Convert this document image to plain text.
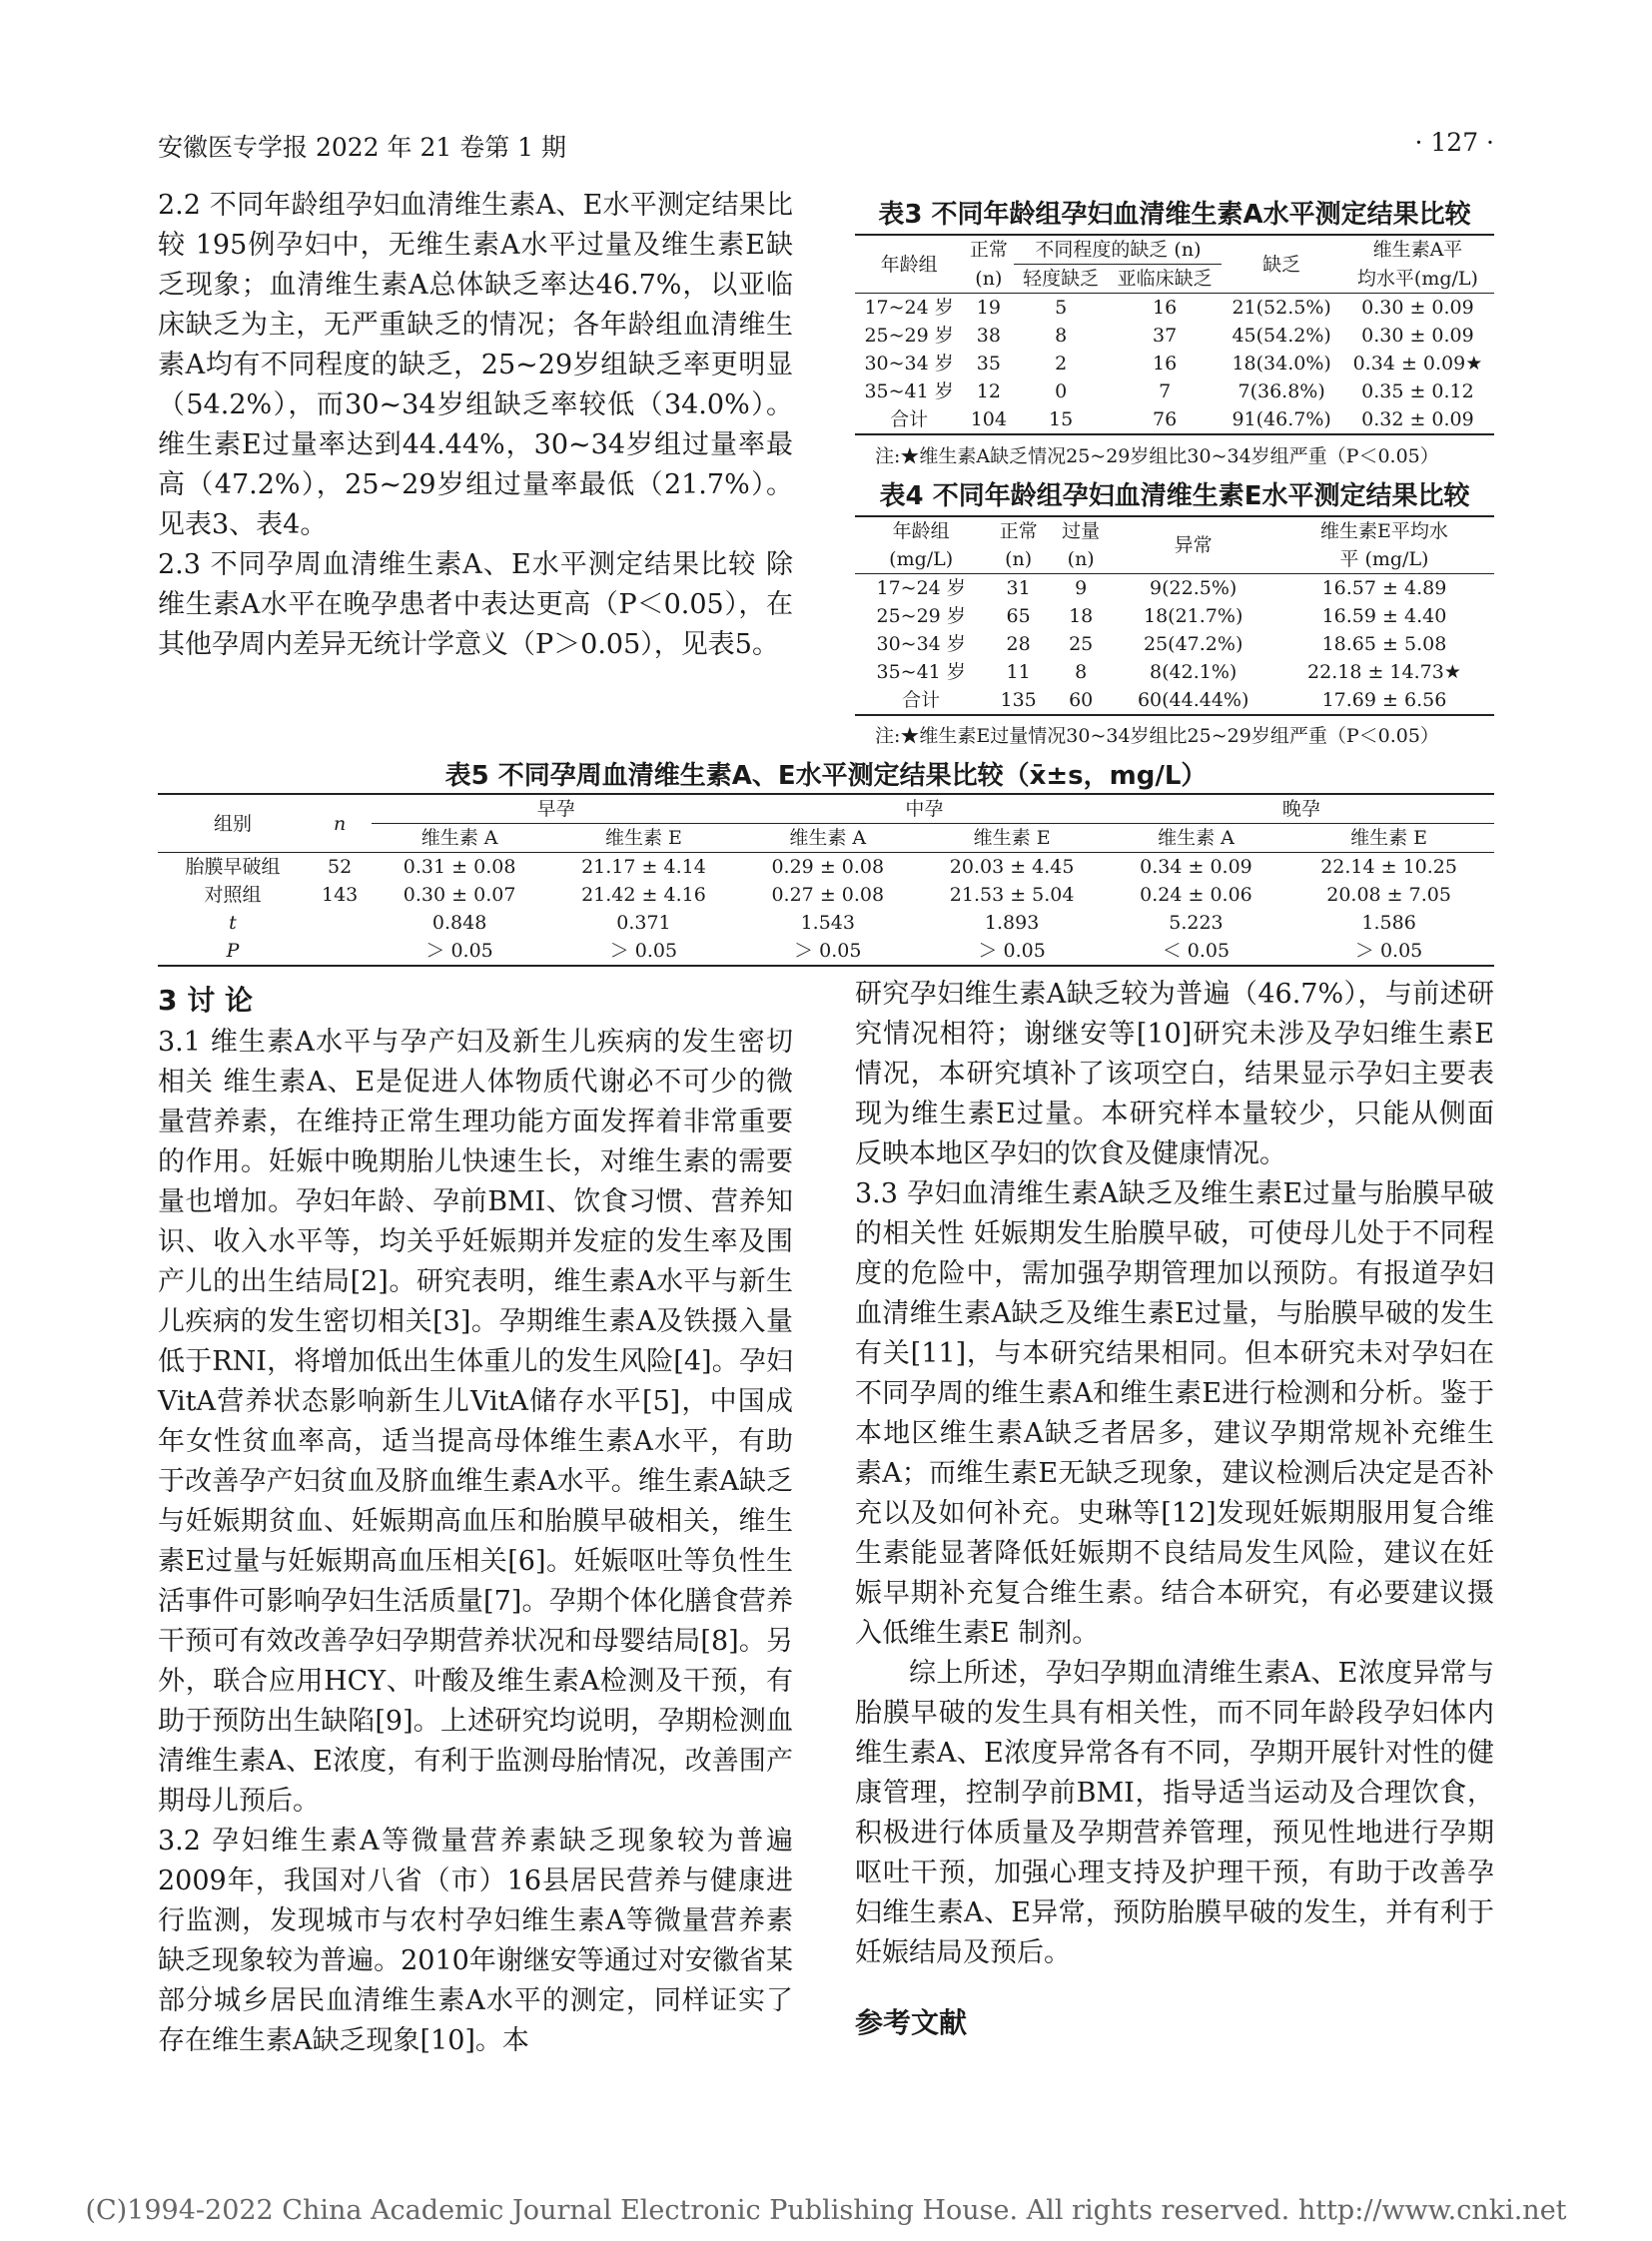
安徽医专学报 2022 年 21 卷第 1 期	· 127 ·

2.2 不同年龄组孕妇血清维生素A、E水平测定结果比较 195例孕妇中，无维生素A水平过量及维生素E缺乏现象；血清维生素A总体缺乏率达46.7%，以亚临床缺乏为主，无严重缺乏的情况；各年龄组血清维生素A均有不同程度的缺乏，25~29岁组缺乏率更明显（54.2%），而30~34岁组缺乏率较低（34.0%）。维生素E过量率达到44.44%，30~34岁组过量率最高（47.2%），25~29岁组过量率最低（21.7%）。见表3、表4。

2.3 不同孕周血清维生素A、E水平测定结果比较 除维生素A水平在晚孕患者中表达更高（P＜0.05），在其他孕周内差异无统计学意义（P＞0.05），见表5。

表3 不同年龄组孕妇血清维生素A水平测定结果比较
年龄组	正常	不同程度的缺乏 (n)		缺乏	维生素A平
	(n)	轻度缺乏	亚临床缺乏		均水平(mg/L)
17~24 岁	19	5	16	21(52.5%)	0.30 ± 0.09
25~29 岁	38	8	37	45(54.2%)	0.30 ± 0.09
30~34 岁	35	2	16	18(34.0%)	0.34 ± 0.09★
35~41 岁	12	0	7	7(36.8%)	0.35 ± 0.12
合计	104	15	76	91(46.7%)	0.32 ± 0.09
注:★维生素A缺乏情况25~29岁组比30~34岁组严重（P＜0.05）
表4 不同年龄组孕妇血清维生素E水平测定结果比较
年龄组	正常	过量	异常	维生素E平均水
(mg/L)	(n)	(n)		平 (mg/L)
17~24 岁	31	9	9(22.5%)	16.57 ± 4.89
25~29 岁	65	18	18(21.7%)	16.59 ± 4.40
30~34 岁	28	25	25(47.2%)	18.65 ± 5.08
35~41 岁	11	8	8(42.1%)	22.18 ± 14.73★
合计	135	60	60(44.44%)	17.69 ± 6.56
注:★维生素E过量情况30~34岁组比25~29岁组严重（P＜0.05）
表5 不同孕周血清维生素A、E水平测定结果比较（x̄±s，mg/L）
组别	n	早孕		中孕		晚孕	
		维生素 A	维生素 E	维生素 A	维生素 E	维生素 A	维生素 E
胎膜早破组	52	0.31 ± 0.08	21.17 ± 4.14	0.29 ± 0.08	20.03 ± 4.45	0.34 ± 0.09	22.14 ± 10.25
对照组	143	0.30 ± 0.07	21.42 ± 4.16	0.27 ± 0.08	21.53 ± 5.04	0.24 ± 0.06	20.08 ± 7.05
t		0.848	0.371	1.543	1.893	5.223	1.586
P		＞ 0.05	＞ 0.05	＞ 0.05	＞ 0.05	＜ 0.05	＞ 0.05

3 讨 论

3.1 维生素A水平与孕产妇及新生儿疾病的发生密切相关 维生素A、E是促进人体物质代谢必不可少的微量营养素，在维持正常生理功能方面发挥着非常重要的作用。妊娠中晚期胎儿快速生长，对维生素的需要量也增加。孕妇年龄、孕前BMI、饮食习惯、营养知识、收入水平等，均关乎妊娠期并发症的发生率及围产儿的出生结局[2]。研究表明，维生素A水平与新生儿疾病的发生密切相关[3]。孕期维生素A及铁摄入量低于RNI，将增加低出生体重儿的发生风险[4]。孕妇VitA营养状态影响新生儿VitA储存水平[5]，中国成年女性贫血率高，适当提高母体维生素A水平，有助于改善孕产妇贫血及脐血维生素A水平。维生素A缺乏与妊娠期贫血、妊娠期高血压和胎膜早破相关，维生素E过量与妊娠期高血压相关[6]。妊娠呕吐等负性生活事件可影响孕妇生活质量[7]。孕期个体化膳食营养干预可有效改善孕妇孕期营养状况和母婴结局[8]。另外，联合应用HCY、叶酸及维生素A检测及干预，有助于预防出生缺陷[9]。上述研究均说明，孕期检测血清维生素A、E浓度，有利于监测母胎情况，改善围产期母儿预后。

3.2 孕妇维生素A等微量营养素缺乏现象较为普遍 2009年，我国对八省（市）16县居民营养与健康进行监测，发现城市与农村孕妇维生素A等微量营养素缺乏现象较为普遍。2010年谢继安等通过对安徽省某部分城乡居民血清维生素A水平的测定，同样证实了存在维生素A缺乏现象[10]。本

研究孕妇维生素A缺乏较为普遍（46.7%），与前述研究情况相符；谢继安等[10]研究未涉及孕妇维生素E情况，本研究填补了该项空白，结果显示孕妇主要表现为维生素E过量。本研究样本量较少，只能从侧面反映本地区孕妇的饮食及健康情况。

3.3 孕妇血清维生素A缺乏及维生素E过量与胎膜早破的相关性 妊娠期发生胎膜早破，可使母儿处于不同程度的危险中，需加强孕期管理加以预防。有报道孕妇血清维生素A缺乏及维生素E过量，与胎膜早破的发生有关[11]，与本研究结果相同。但本研究未对孕妇在不同孕周的维生素A和维生素E进行检测和分析。鉴于本地区维生素A缺乏者居多，建议孕期常规补充维生素A；而维生素E无缺乏现象，建议检测后决定是否补充以及如何补充。史琳等[12]发现妊娠期服用复合维生素能显著降低妊娠期不良结局发生风险，建议在妊娠早期补充复合维生素。结合本研究，有必要建议摄入低维生素E 制剂。

综上所述，孕妇孕期血清维生素A、E浓度异常与胎膜早破的发生具有相关性，而不同年龄段孕妇体内维生素A、E浓度异常各有不同，孕期开展针对性的健康管理，控制孕前BMI，指导适当运动及合理饮食，积极进行体质量及孕期营养管理，预见性地进行孕期呕吐干预，加强心理支持及护理干预，有助于改善孕妇维生素A、E异常，预防胎膜早破的发生，并有利于妊娠结局及预后。

参考文献

(C)1994-2022 China Academic Journal Electronic Publishing House. All rights reserved. http://www.cnki.net
